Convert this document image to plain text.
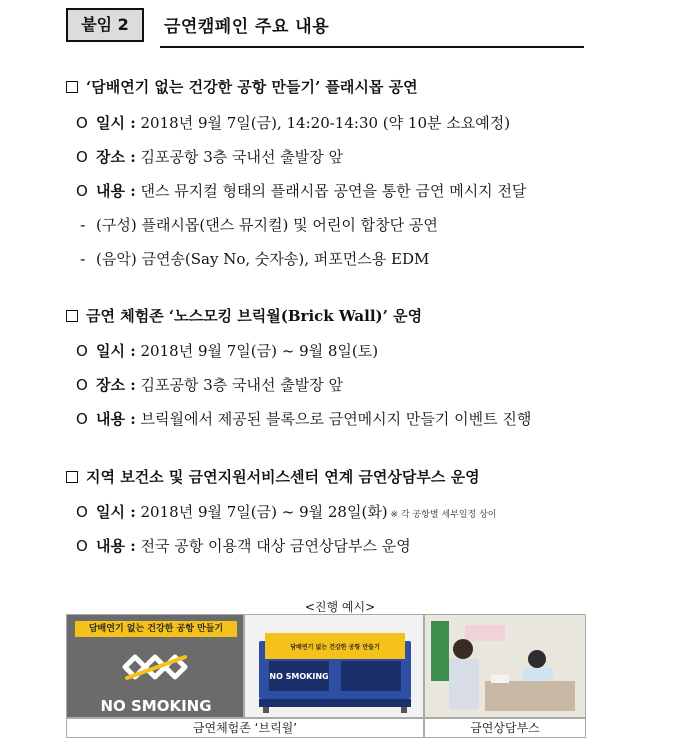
붙임 2	금연캠페인 주요 내용
‘담배연기 없는 건강한 공항 만들기’ 플래시몹 공연
O 일시 : 2018년 9월 7일(금), 14:20-14:30 (약 10분 소요예정)
O 장소 : 김포공항 3층 국내선 출발장 앞
O 내용 : 댄스 뮤지컬 형태의 플래시몹 공연을 통한 금연 메시지 전달
- (구성) 플래시몹(댄스 뮤지컬) 및 어린이 합창단 공연
- (음악) 금연송(Say No, 숫자송), 퍼포먼스용 EDM
금연 체험존 ‘노스모킹 브릭월(Brick Wall)’ 운영
O 일시 : 2018년 9월 7일(금) ~ 9월 8일(토)
O 장소 : 김포공항 3층 국내선 출발장 앞
O 내용 : 브릭월에서 제공된 블록으로 금연메시지 만들기 이벤트 진행
지역 보건소 및 금연지원서비스센터 연계 금연상담부스 운영
O 일시 : 2018년 9월 7일(금) ~ 9월 28일(화) ※ 각 공항별 세부일정 상이
O 내용 : 전국 공항 이용객 대상 금연상담부스 운영
<진행 예시>
담배연기 없는 건강한 공항 만들기
NO SMOKING
NO SMOKING
담배연기 없는 건강한 공항 만들기
금연체험존 ‘브릭월’	금연상담부스
